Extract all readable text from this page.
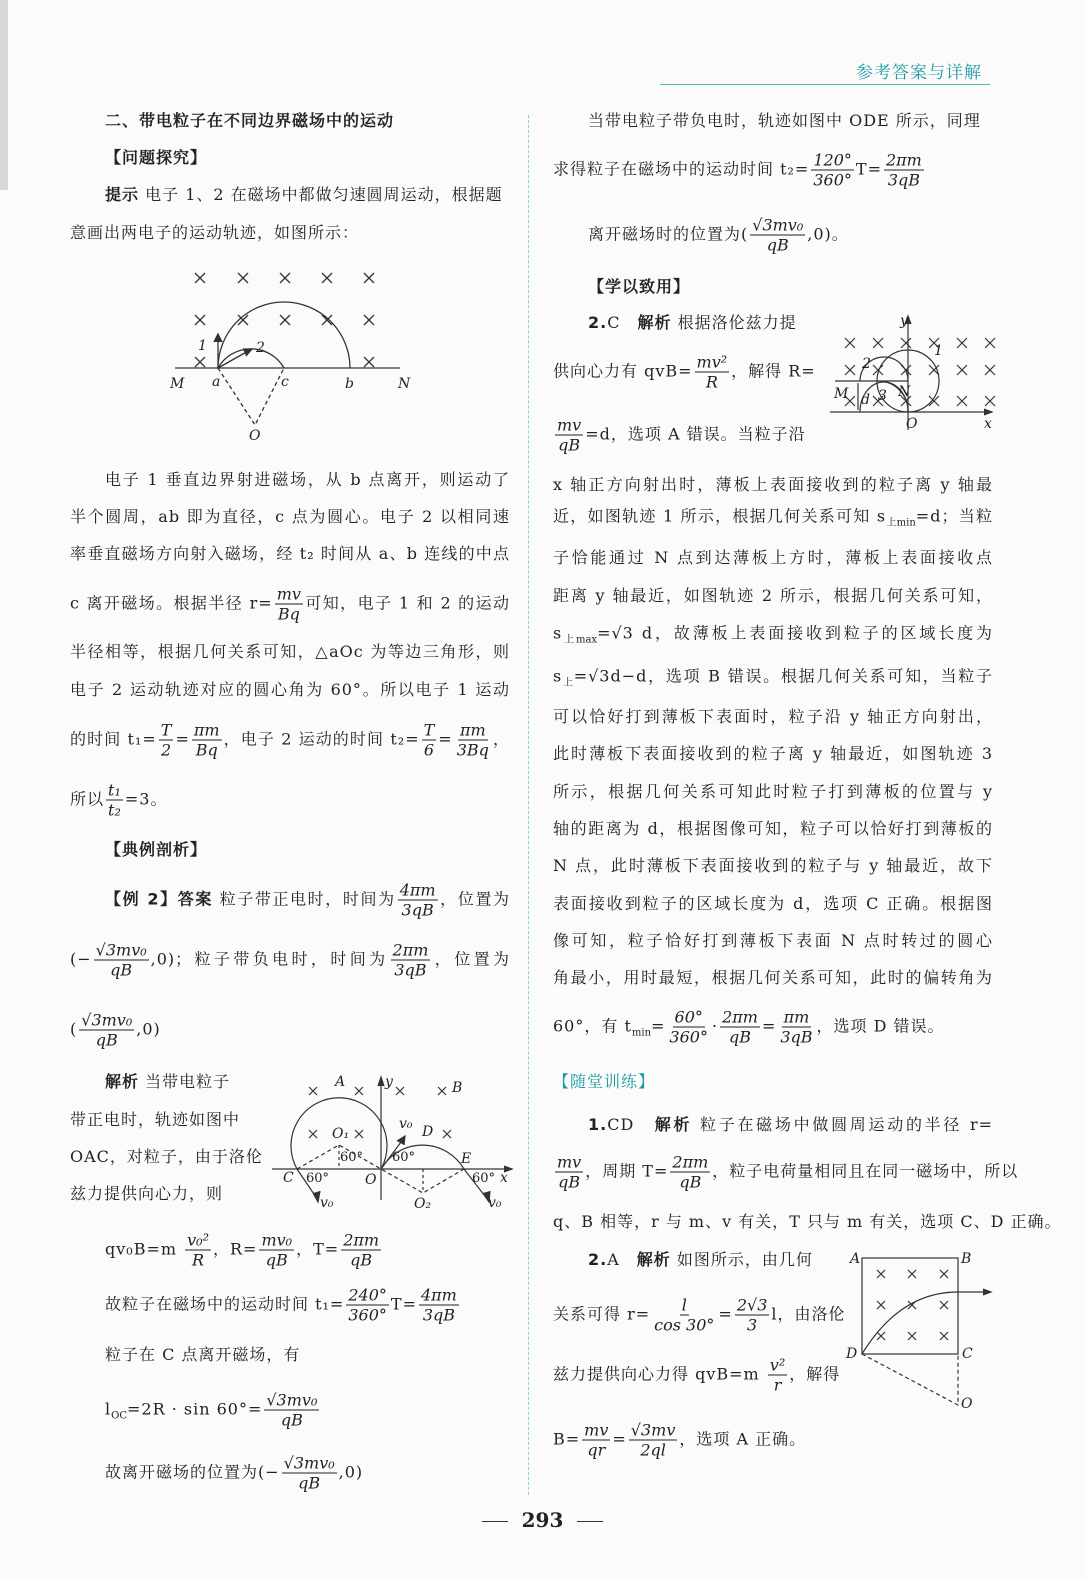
参考答案与详解
二、带电粒子在不同边界磁场中的运动
【问题探究】
提示 电子 1、2 在磁场中都做匀速圆周运动，根据题
意画出两电子的运动轨迹，如图所示：
电子 1 垂直边界射进磁场，从 b 点离开，则运动了
半个圆周，ab 即为直径，c 点为圆心。电子 2 以相同速
率垂直磁场方向射入磁场，经 t₂ 时间从 a、b 连线的中点
c 离开磁场。根据半径 $r= \frac{mv}{Bq}$ 可知，电子 1 和 2 的运动
半径相等，根据几何关系可知，△aOc 为等边三角形，则
电子 2 运动轨迹对应的圆心角为 60°。所以电子 1 运动
的时间 $t_1= \frac{T}{2} = \frac{\pi m}{Bq}$ ，电子 2 运动的时间 $t_2= \frac{T}{6} = \frac{\pi m}{3Bq}$ ，
所以 $\frac{\text{t₁}}{\text{t₂}} =3$。
【典例剖析】
【例 2】答案 粒子带正电时，时间为 $\frac{4\pi m}{3qB}$ ，位置为
(− $\frac{\text{√3mv₀}}{qB} ,0$)；粒子带负电时，时间为 $\frac{2\pi m}{3qB}$ ，位置为
( $\frac{\text{√3mv₀}}{qB} ,0$)
解析 当带电粒子
带正电时，轨迹如图中
OAC，对粒子，由于洛伦
兹力提供向心力，则
$qv_0B=m \frac{\text{v₀²}}{R}$ ，$R= \frac{\text{mv₀}}{qB}$ ，$T= \frac{2\pi m}{qB}$
故粒子在磁场中的运动时间 $t_1= \frac{240^\circ}{360^\circ} T= \frac{4\pi m}{3qB}$
粒子在 C 点离开磁场，有
$l_{OC}=2R \cdot \sin 60^\circ= \frac{\text{√3mv₀}}{qB}$
故离开磁场的位置为(− $\frac{\text{√3mv₀}}{qB} ,0$)
当带电粒子带负电时，轨迹如图中 ODE 所示，同理
求得粒子在磁场中的运动时间 $t_2= \frac{120^\circ}{360^\circ} T= \frac{2\pi m}{3qB}$
离开磁场时的位置为( $\frac{\text{√3mv₀}}{qB} ,0$)。
【学以致用】
2.C　解析 根据洛伦兹力提
供向心力有 $qvB= \frac{\text{mv²}}{R}$ ，解得 R=
$\frac{mv}{qB} =d$，选项 A 错误。当粒子沿
x 轴正方向射出时，薄板上表面接收到的粒子离 y 轴最
近，如图轨迹 1 所示，根据几何关系可知 $s_{上min}=d$；当粒
子恰能通过 N 点到达薄板上方时，薄板上表面接收点
距离 y 轴最近，如图轨迹 2 所示，根据几何关系可知，
$s_{上max}=√3$ d，故薄板上表面接收到粒子的区域长度为
$s_上=√3d-d$，选项 B 错误。根据几何关系可知，当粒子
可以恰好打到薄板下表面时，粒子沿 y 轴正方向射出，
此时薄板下表面接收到的粒子离 y 轴最近，如图轨迹 3
所示，根据几何关系可知此时粒子打到薄板的位置与 y
轴的距离为 d，根据图像可知，粒子可以恰好打到薄板的
N 点，此时薄板下表面接收到的粒子与 y 轴最近，故下
表面接收到粒子的区域长度为 d，选项 C 正确。根据图
像可知，粒子恰好打到薄板下表面 N 点时转过的圆心
角最小，用时最短，根据几何关系可知，此时的偏转角为
60°，有 $t_{min}= \frac{60^\circ}{360^\circ} \cdot \frac{2\pi m}{qB} = \frac{\pi m}{3qB}$ ，选项 D 错误。
【随堂训练】
1.CD　解析 粒子在磁场中做圆周运动的半径 r=
$\frac{mv}{qB}$ ，周期 $T= \frac{2\pi m}{qB}$ ，粒子电荷量相同且在同一磁场中，所以
q、B 相等，r 与 m、v 有关，T 只与 m 有关，选项 C、D 正确。
2.A　解析 如图所示，由几何
关系可得 $r= \frac{l}{\cos 30^\circ} = \frac{2√3}{3}$ l，由洛伦
兹力提供向心力得 $qvB=m \frac{\text{v²}}{r}$ ，解得
$B= \frac{mv}{qr} = \frac{√3mv}{2ql}$ ，选项 A 正确。
M a	c	b	N
O
1	2
y
x
O
M d N
1
2
3
A	B
y
x
O
O₁
O₂
C
D
E
v₀
v₀	v₀
60°
60° 60°
60°
A	B
C
D
O
293
